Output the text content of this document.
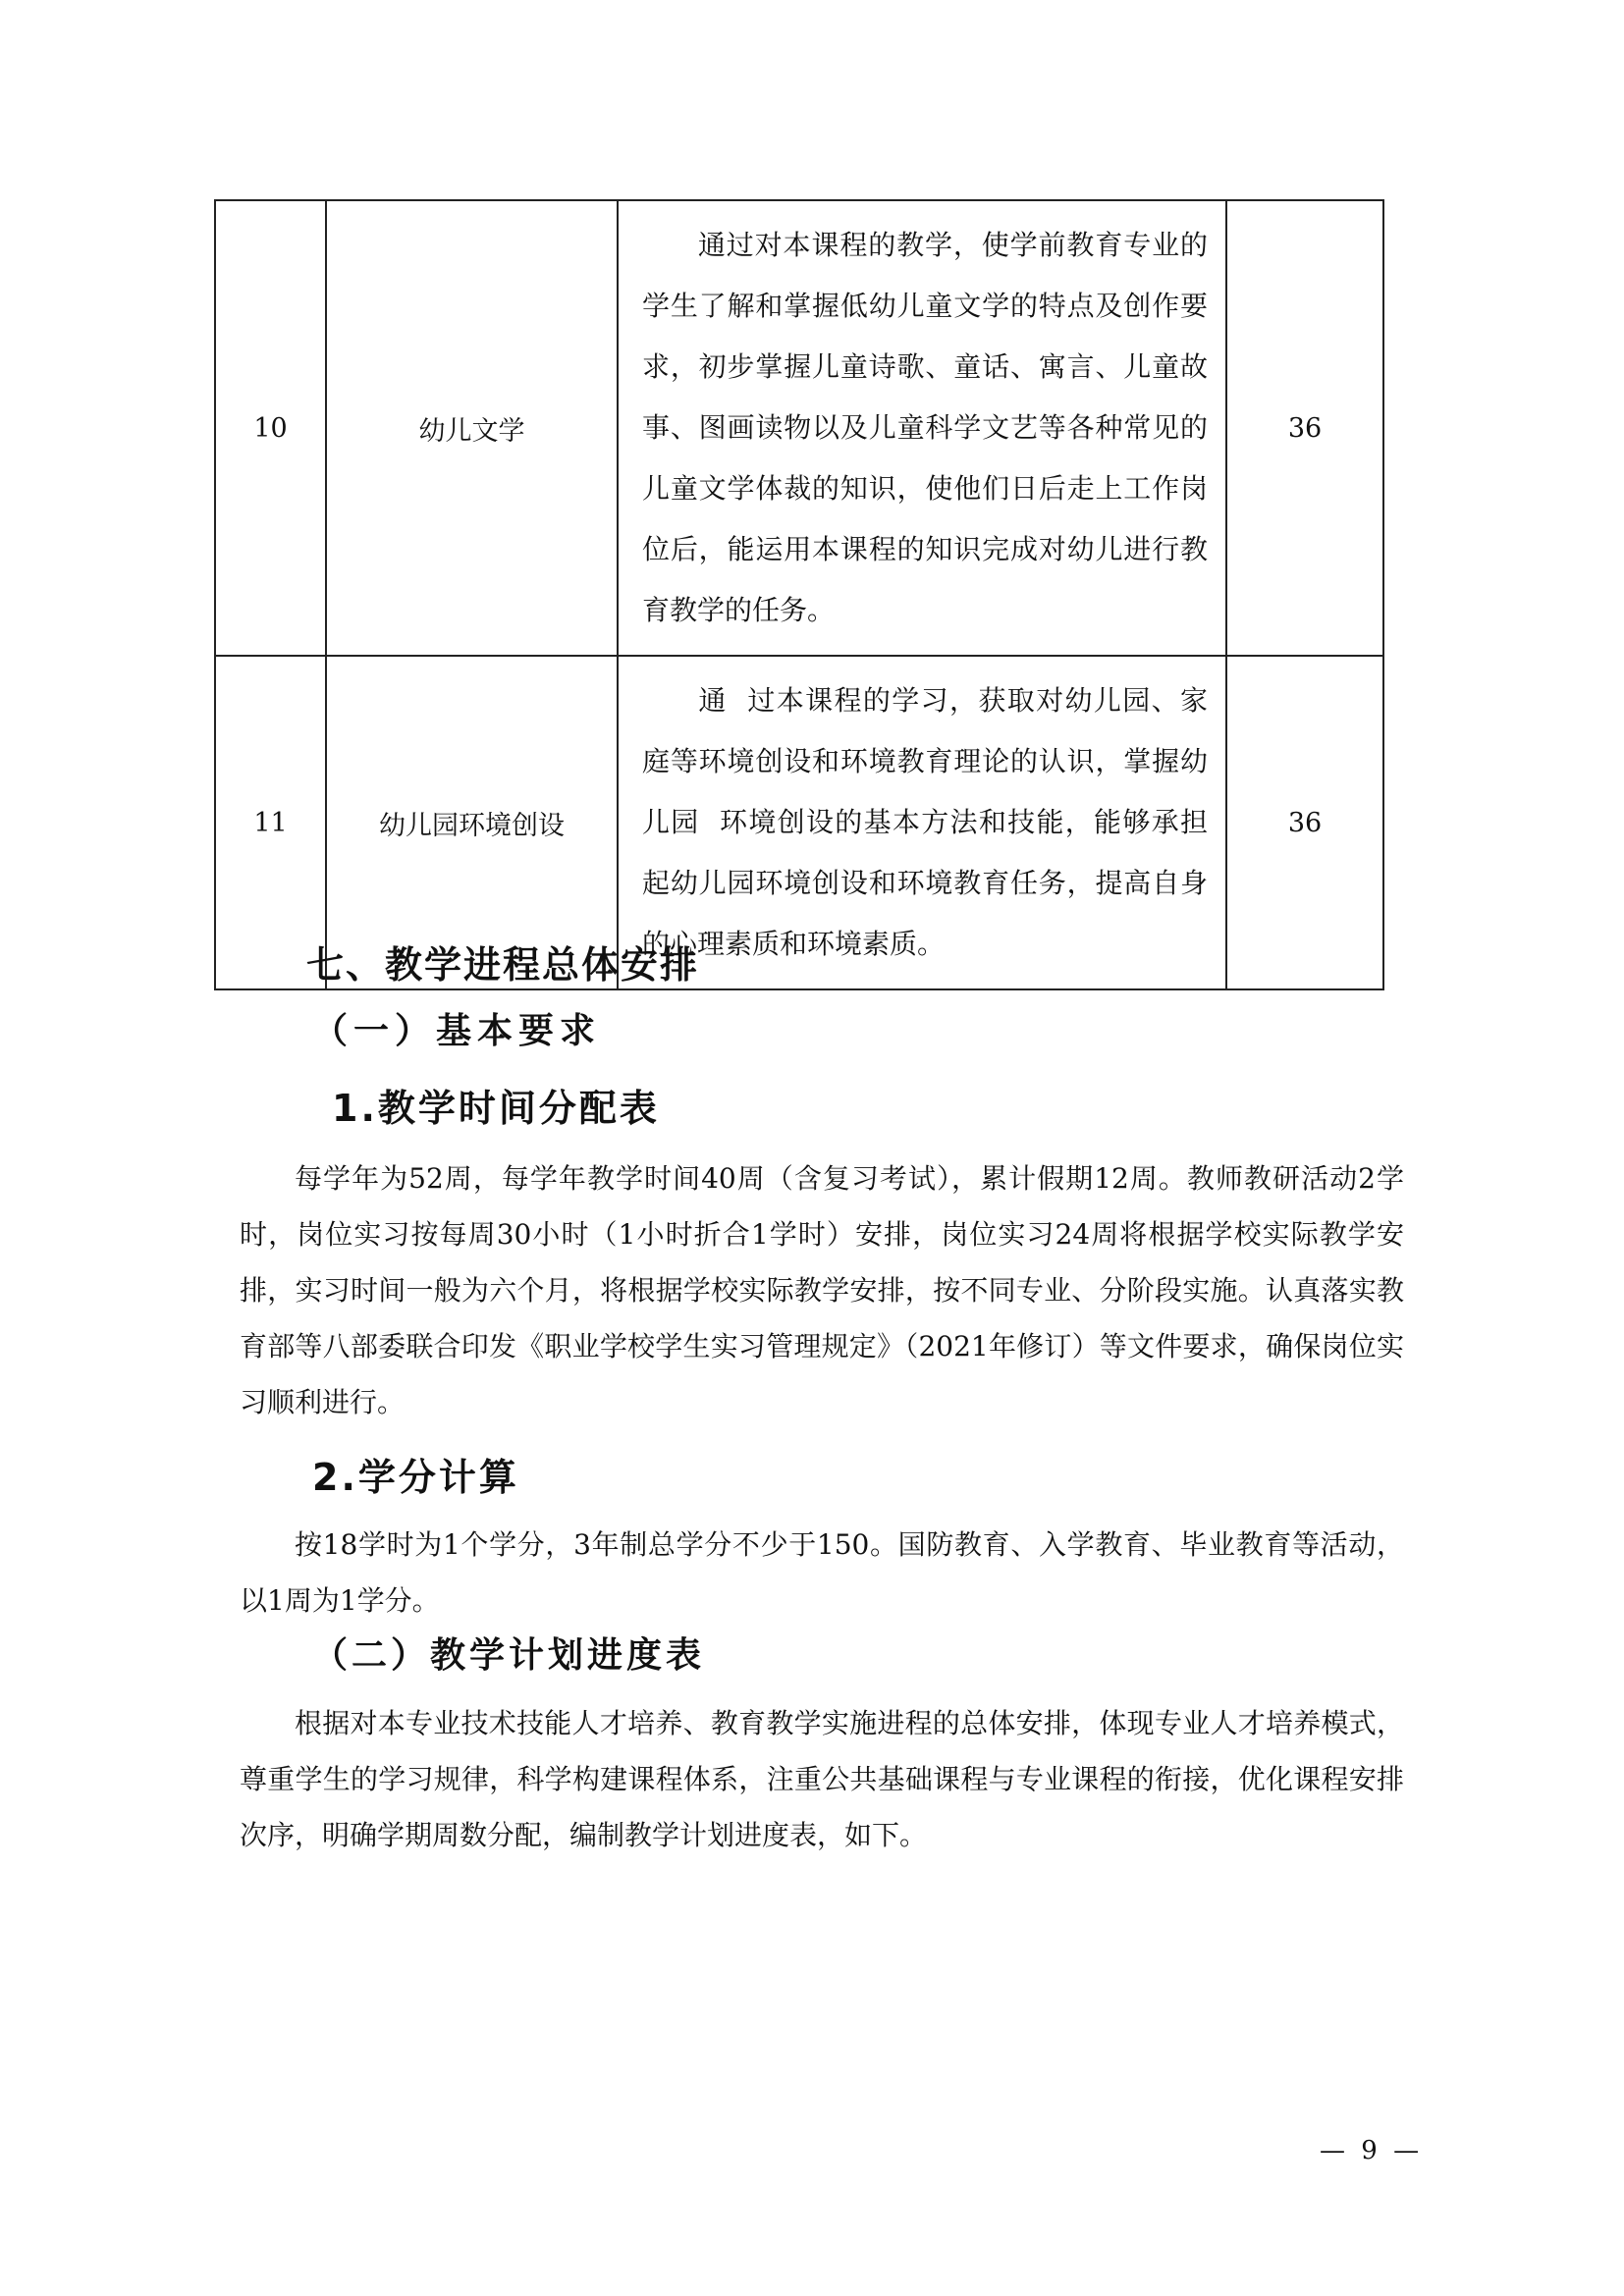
10	幼儿文学	通过对本课程的教学，使学前教育专业的学生了解和掌握低幼儿童文学的特点及创作要求，初步掌握儿童诗歌、童话、寓言、儿童故事、图画读物以及儿童科学文艺等各种常见的儿童文学体裁的知识，使他们日后走上工作岗位后，能运用本课程的知识完成对幼儿进行教育教学的任务。	36
11	幼儿园环境创设	通  过本课程的学习，获取对幼儿园、家庭等环境创设和环境教育理论的认识，掌握幼儿园  环境创设的基本方法和技能，能够承担起幼儿园环境创设和环境教育任务，提高自身的心理素质和环境素质。	36
七、教学进程总体安排
（一）基本要求
1.教学时间分配表
每学年为52周，每学年教学时间40周（含复习考试），累计假期12周。教师教研活动2学时，岗位实习按每周30小时（1小时折合1学时）安排，岗位实习24周将根据学校实际教学安排，实习时间一般为六个月，将根据学校实际教学安排，按不同专业、分阶段实施。认真落实教育部等八部委联合印发《职业学校学生实习管理规定》（2021年修订）等文件要求，确保岗位实习顺利进行。
2.学分计算
按18学时为1个学分，3年制总学分不少于150。国防教育、入学教育、毕业教育等活动，以1周为1学分。
（二）教学计划进度表
根据对本专业技术技能人才培养、教育教学实施进程的总体安排，体现专业人才培养模式，尊重学生的学习规律，科学构建课程体系，注重公共基础课程与专业课程的衔接，优化课程安排次序，明确学期周数分配，编制教学计划进度表，如下。
— 9 —
